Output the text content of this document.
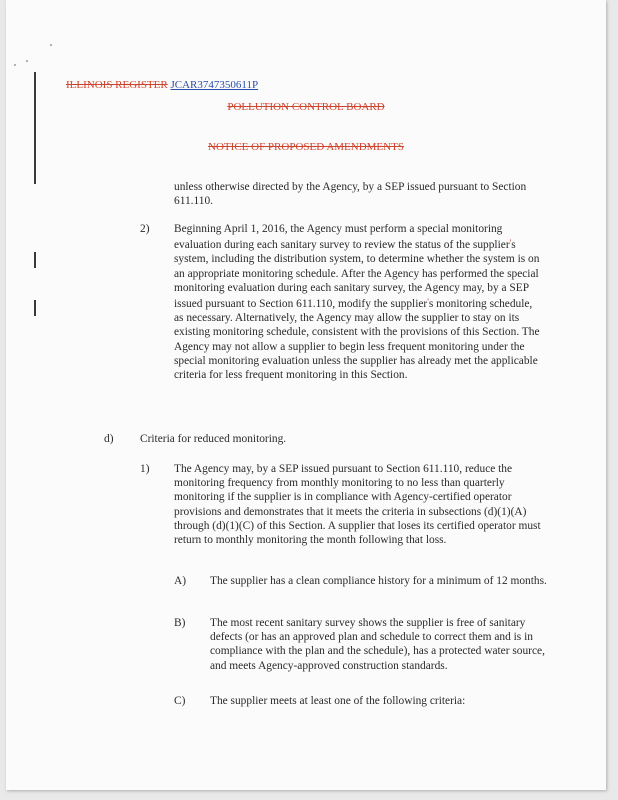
ILLINOIS REGISTER JCAR3747350611P
POLLUTION CONTROL BOARD
NOTICE OF PROPOSED AMENDMENTS

unless otherwise directed by the Agency, by a SEP issued pursuant to Section 611.110.

2) Beginning April 1, 2016, the Agency must perform a special monitoring evaluation during each sanitary survey to review the status of the supplier's system, including the distribution system, to determine whether the system is on an appropriate monitoring schedule. After the Agency has performed the special monitoring evaluation during each sanitary survey, the Agency may, by a SEP issued pursuant to Section 611.110, modify the supplier's monitoring schedule, as necessary. Alternatively, the Agency may allow the supplier to stay on its existing monitoring schedule, consistent with the provisions of this Section. The Agency may not allow a supplier to begin less frequent monitoring under the special monitoring evaluation unless the supplier has already met the applicable criteria for less frequent monitoring in this Section.

d) Criteria for reduced monitoring.

1) The Agency may, by a SEP issued pursuant to Section 611.110, reduce the monitoring frequency from monthly monitoring to no less than quarterly monitoring if the supplier is in compliance with Agency-certified operator provisions and demonstrates that it meets the criteria in subsections (d)(1)(A) through (d)(1)(C) of this Section. A supplier that loses its certified operator must return to monthly monitoring the month following that loss.

A) The supplier has a clean compliance history for a minimum of 12 months.

B) The most recent sanitary survey shows the supplier is free of sanitary defects (or has an approved plan and schedule to correct them and is in compliance with the plan and the schedule), has a protected water source, and meets Agency-approved construction standards.

C) The supplier meets at least one of the following criteria:
